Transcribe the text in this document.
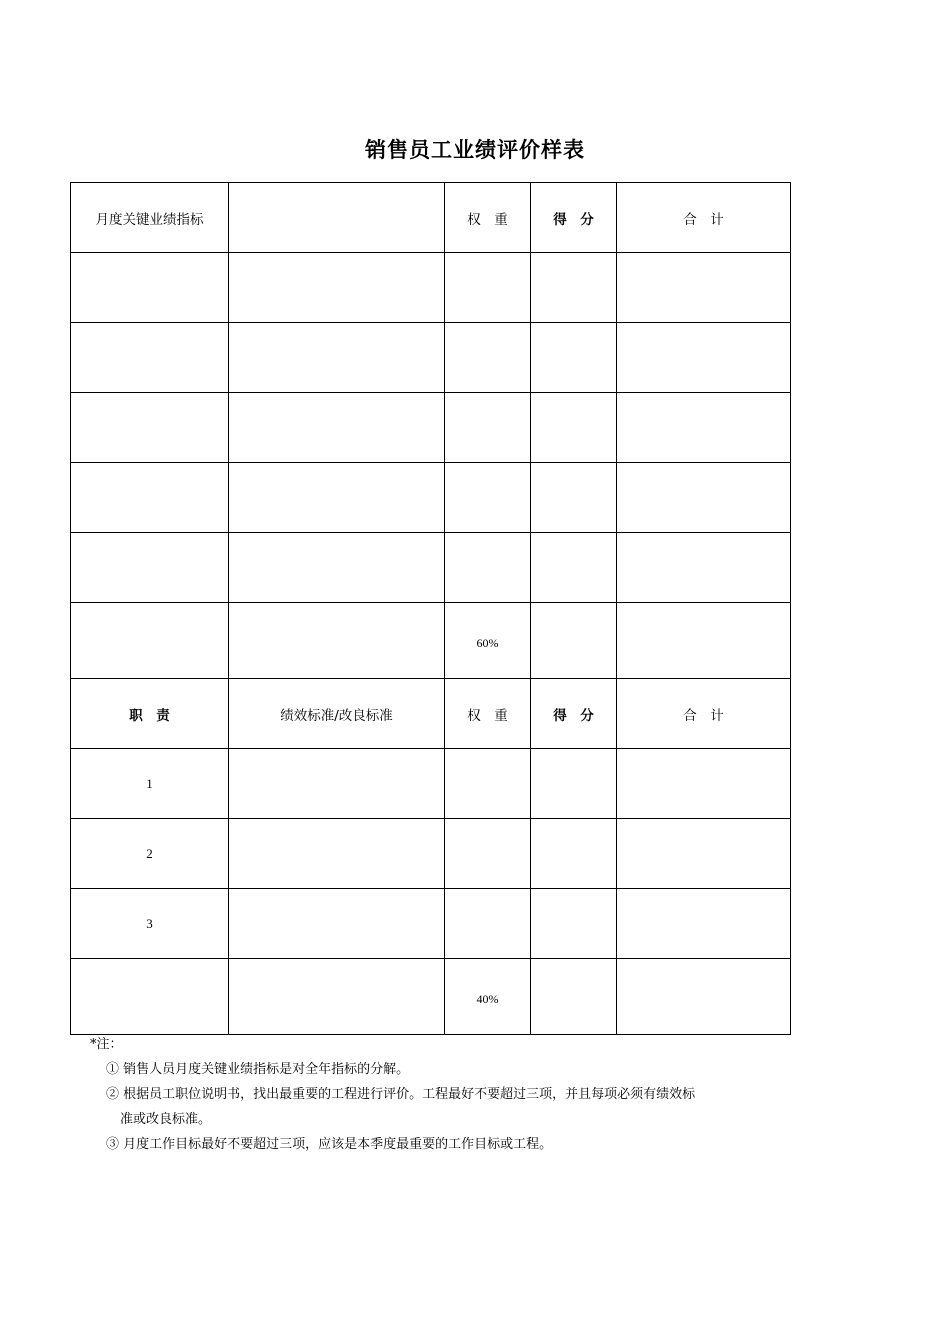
销售员工业绩评价样表
月度关键业绩指标		权　重	得　分	合　计

		60%		
职　责	绩效标准/改良标准	权　重	得　分	合　计
1				
2				
3				
		40%		
*注：
① 销售人员月度关键业绩指标是对全年指标的分解。
② 根据员工职位说明书，找出最重要的工程进行评价。工程最好不要超过三项，并且每项必须有绩效标
准或改良标准。
③ 月度工作目标最好不要超过三项，应该是本季度最重要的工作目标或工程。
